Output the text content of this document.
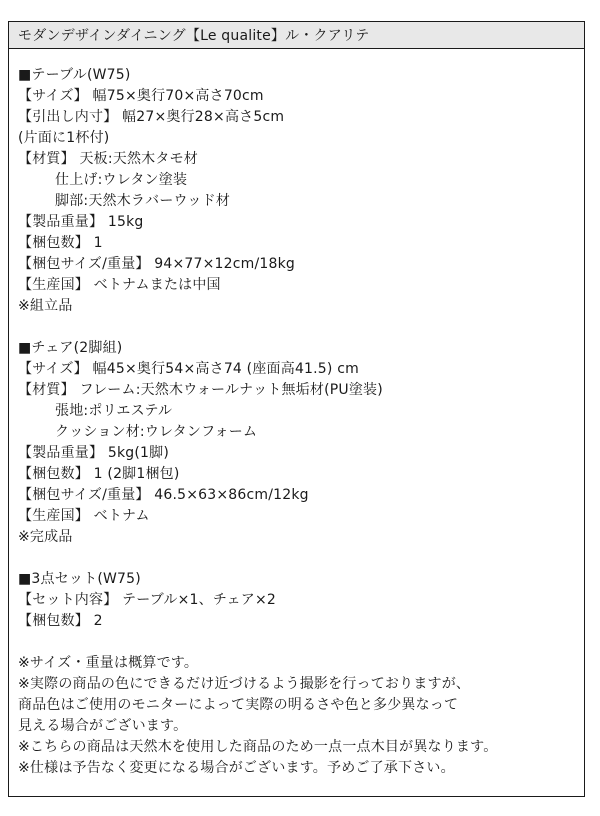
モダンデザインダイニング【Le qualite】ル・クアリテ
■テーブル(W75)
【サイズ】 幅75×奥行70×高さ70cm
【引出し内寸】 幅27×奥行28×高さ5cm
(片面に1杯付)
【材質】 天板:天然木タモ材
仕上げ:ウレタン塗装
脚部:天然木ラバーウッド材
【製品重量】 15kg
【梱包数】 1
【梱包サイズ/重量】 94×77×12cm/18kg
【生産国】 ベトナムまたは中国
※組立品

■チェア(2脚組)
【サイズ】 幅45×奥行54×高さ74 (座面高41.5) cm
【材質】 フレーム:天然木ウォールナット無垢材(PU塗装)
張地:ポリエステル
クッション材:ウレタンフォーム
【製品重量】 5kg(1脚)
【梱包数】 1 (2脚1梱包)
【梱包サイズ/重量】 46.5×63×86cm/12kg
【生産国】 ベトナム
※完成品

■3点セット(W75)
【セット内容】 テーブル×1、チェア×2
【梱包数】 2

※サイズ・重量は概算です。
※実際の商品の色にできるだけ近づけるよう撮影を行っておりますが、
商品色はご使用のモニターによって実際の明るさや色と多少異なって
見える場合がございます。
※こちらの商品は天然木を使用した商品のため一点一点木目が異なります。
※仕様は予告なく変更になる場合がございます。予めご了承下さい。
